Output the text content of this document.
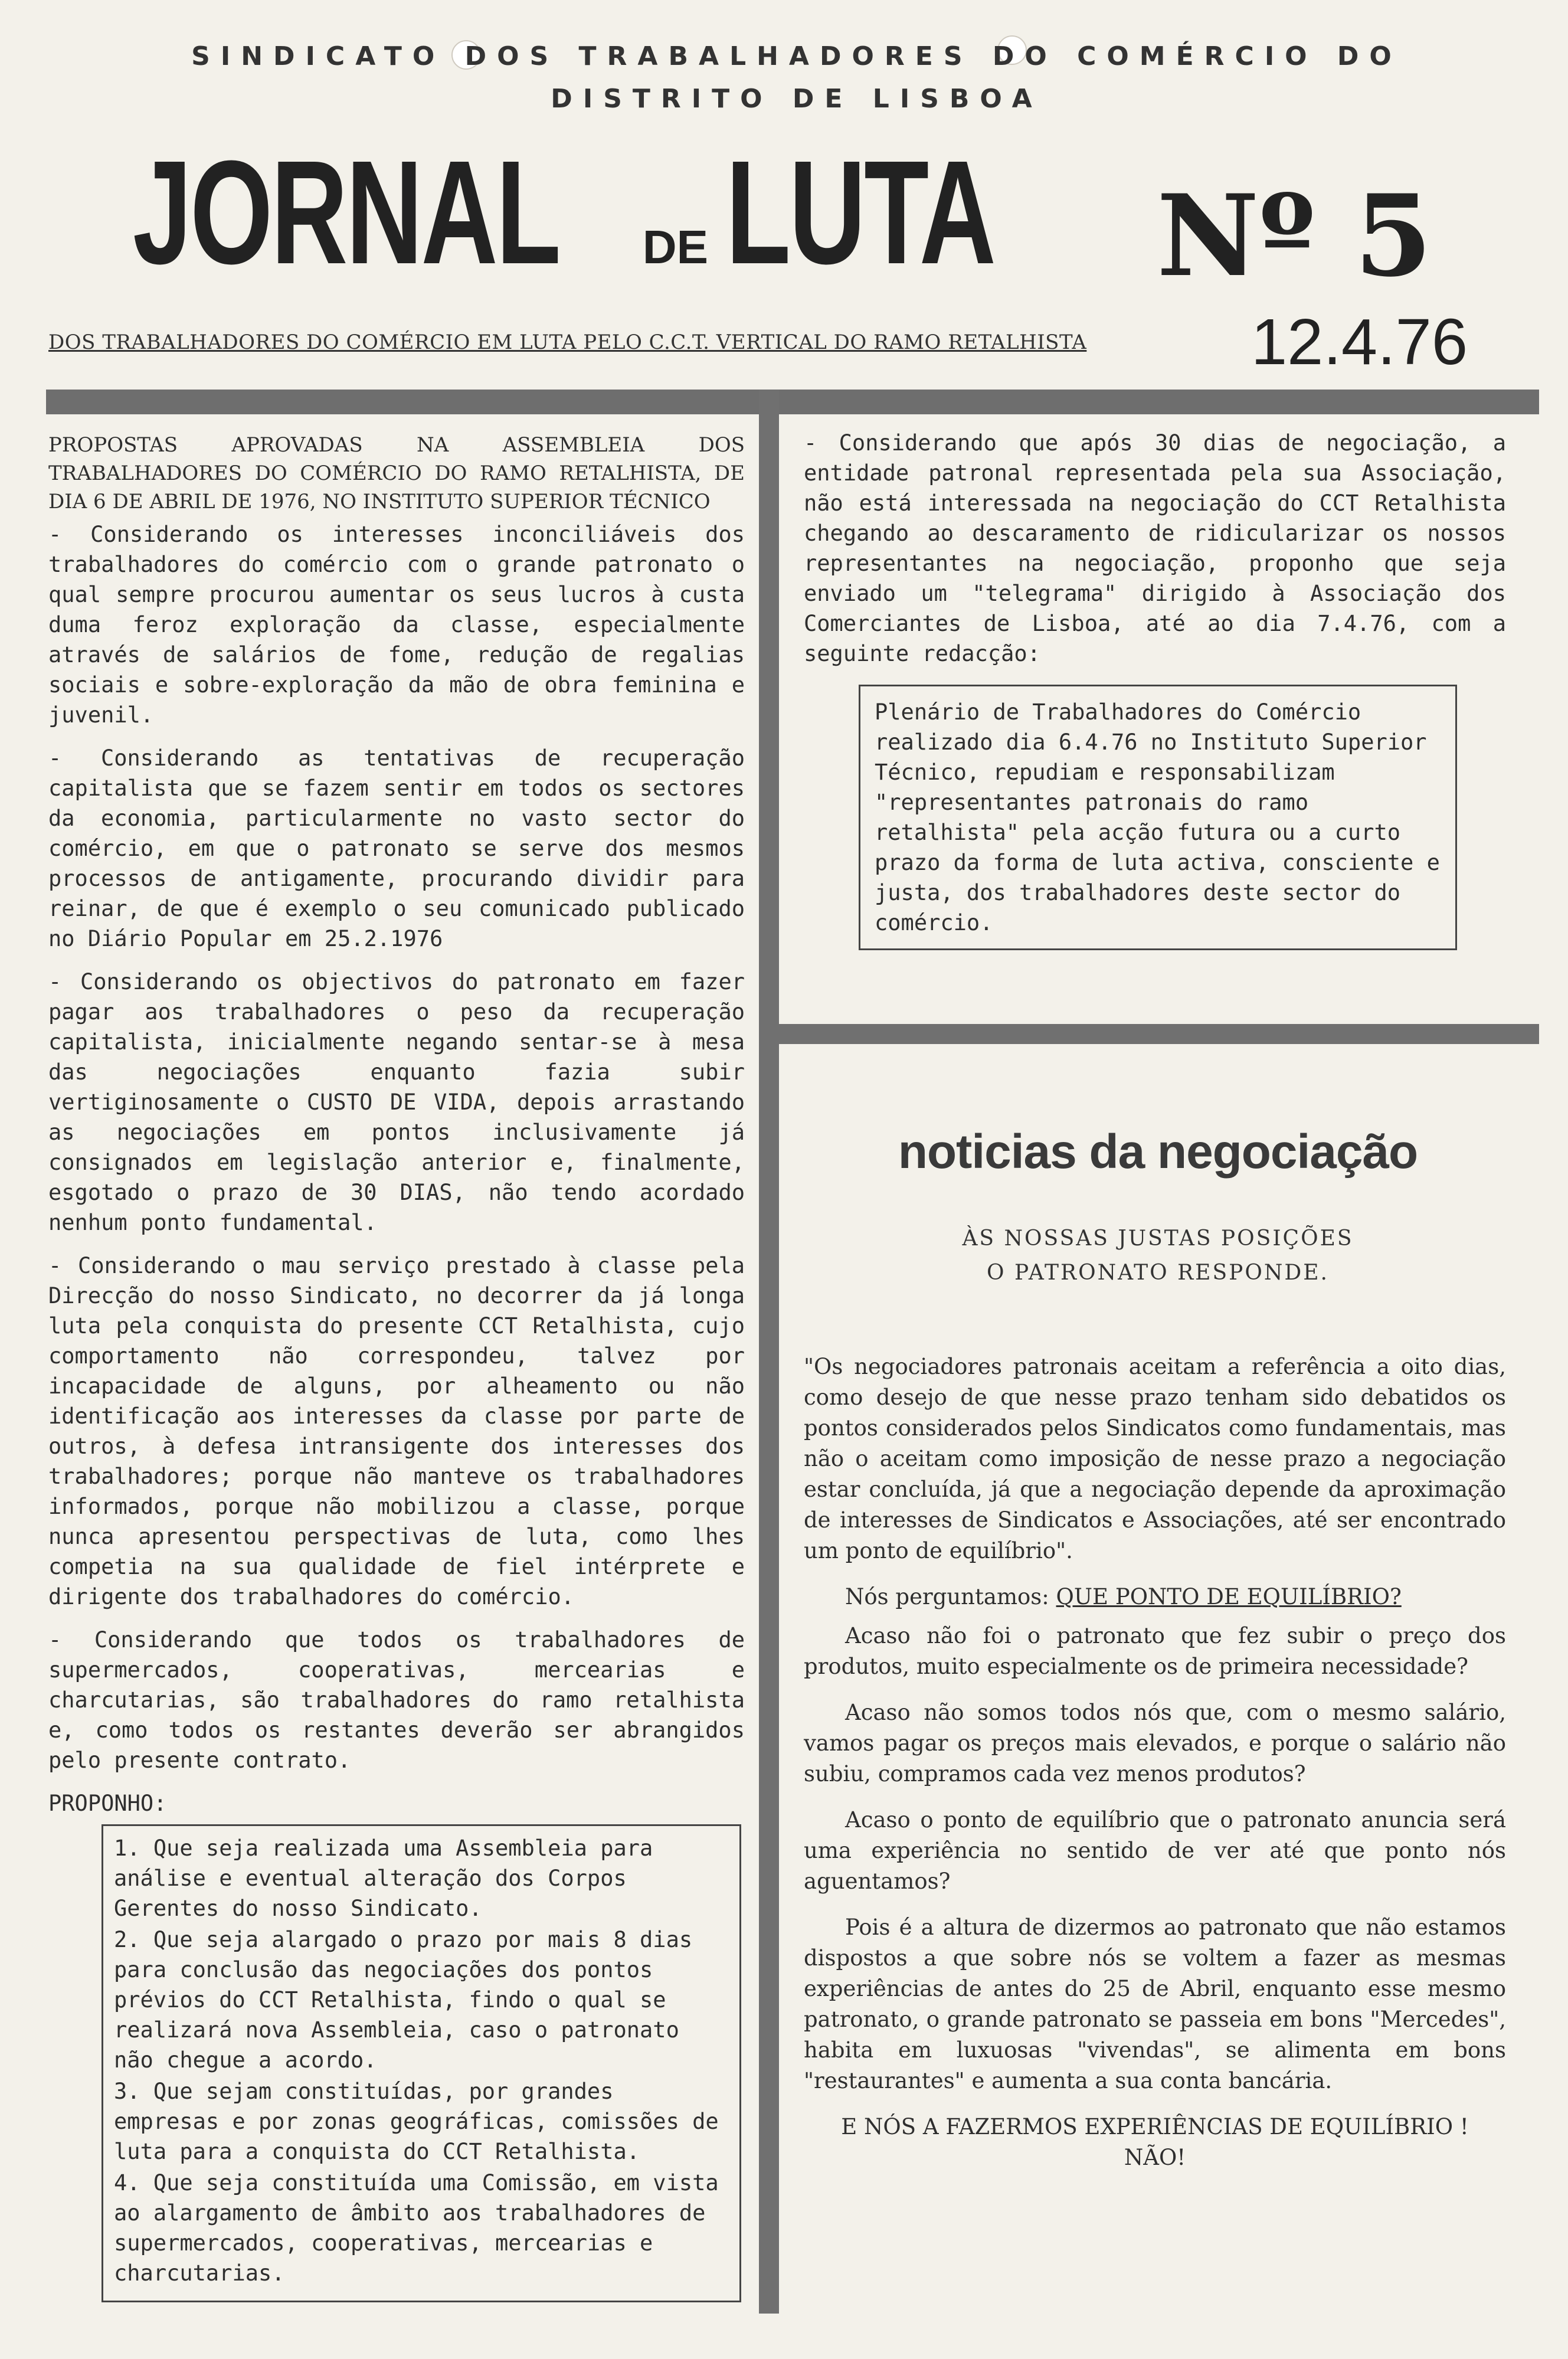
SINDICATO DOS TRABALHADORES DO COMÉRCIO DO
DISTRITO DE LISBOA
JORNAL DE LUTA	Nº 5
DOS TRABALHADORES DO COMÉRCIO EM LUTA PELO C.C.T. VERTICAL DO RAMO RETALHISTA	12.4.76

PROPOSTAS APROVADAS NA ASSEMBLEIA DOS TRABALHADORES DO COMÉRCIO DO RAMO RETALHISTA, DE DIA 6 DE ABRIL DE 1976, NO INSTITUTO SUPERIOR TÉCNICO

- Considerando os interesses inconciliáveis dos trabalhadores do comércio com o grande patronato o qual sempre procurou aumentar os seus lucros à custa duma feroz exploração da classe, especialmente através de salários de fome, redução de regalias sociais e sobre-exploração da mão de obra feminina e juvenil.

- Considerando as tentativas de recuperação capitalista que se fazem sentir em todos os sectores da economia, particularmente no vasto sector do comércio, em que o patronato se serve dos mesmos processos de antigamente, procurando dividir para reinar, de que é exemplo o seu comunicado publicado no Diário Popular em 25.2.1976

- Considerando os objectivos do patronato em fazer pagar aos trabalhadores o peso da recuperação capitalista, inicialmente negando sentar-se à mesa das negociações enquanto fazia subir vertiginosamente o CUSTO DE VIDA, depois arrastando as negociações em pontos inclusivamente já consignados em legislação anterior e, finalmente, esgotado o prazo de 30 DIAS, não tendo acordado nenhum ponto fundamental.

- Considerando o mau serviço prestado à classe pela Direcção do nosso Sindicato, no decorrer da já longa luta pela conquista do presente CCT Retalhista, cujo comportamento não correspondeu, talvez por incapacidade de alguns, por alheamento ou não identificação aos interesses da classe por parte de outros, à defesa intransigente dos interesses dos trabalhadores; porque não manteve os trabalhadores informados, porque não mobilizou a classe, porque nunca apresentou perspectivas de luta, como lhes competia na sua qualidade de fiel intérprete e dirigente dos trabalhadores do comércio.

- Considerando que todos os trabalhadores de supermercados, cooperativas, mercearias e charcutarias, são trabalhadores do ramo retalhista e, como todos os restantes deverão ser abrangidos pelo presente contrato.

PROPONHO:

1. Que seja realizada uma Assembleia para análise e eventual alteração dos Corpos Gerentes do nosso Sindicato.
2. Que seja alargado o prazo por mais 8 dias para conclusão das negociações dos pontos prévios do CCT Retalhista, findo o qual se realizará nova Assembleia, caso o patronato não chegue a acordo.
3. Que sejam constituídas, por grandes empresas e por zonas geográficas, comissões de luta para a conquista do CCT Retalhista.
4. Que seja constituída uma Comissão, em vista ao alargamento de âmbito aos trabalhadores de supermercados, cooperativas, mercearias e charcutarias.

- Considerando que após 30 dias de negociação, a entidade patronal representada pela sua Associação, não está interessada na negociação do CCT Retalhista chegando ao descaramento de ridicularizar os nossos representantes na negociação, proponho que seja enviado um "telegrama" dirigido à Associação dos Comerciantes de Lisboa, até ao dia 7.4.76, com a seguinte redacção:

Plenário de Trabalhadores do Comércio realizado dia 6.4.76 no Instituto Superior Técnico, repudiam e responsabilizam "representantes patronais do ramo retalhista" pela acção futura ou a curto prazo da forma de luta activa, consciente e justa, dos trabalhadores deste sector do comércio.
noticias da negociação
ÀS NOSSAS JUSTAS POSIÇÕES
O PATRONATO RESPONDE.

"Os negociadores patronais aceitam a referência a oito dias, como desejo de que nesse prazo tenham sido debatidos os pontos considerados pelos Sindicatos como fundamentais, mas não o aceitam como imposição de nesse prazo a negociação estar concluída, já que a negociação depende da aproximação de interesses de Sindicatos e Associações, até ser encontrado um ponto de equilíbrio".

Nós perguntamos: QUE PONTO DE EQUILÍBRIO?

Acaso não foi o patronato que fez subir o preço dos produtos, muito especialmente os de primeira necessidade?

Acaso não somos todos nós que, com o mesmo salário, vamos pagar os preços mais elevados, e porque o salário não subiu, compramos cada vez menos produtos?

Acaso o ponto de equilíbrio que o patronato anuncia será uma experiência no sentido de ver até que ponto nós aguentamos?

Pois é a altura de dizermos ao patronato que não estamos dispostos a que sobre nós se voltem a fazer as mesmas experiências de antes do 25 de Abril, enquanto esse mesmo patronato, o grande patronato se passeia em bons "Mercedes", habita em luxuosas "vivendas", se alimenta em bons "restaurantes" e aumenta a sua conta bancária.

E NÓS A FAZERMOS EXPERIÊNCIAS DE EQUILÍBRIO !

NÃO!
